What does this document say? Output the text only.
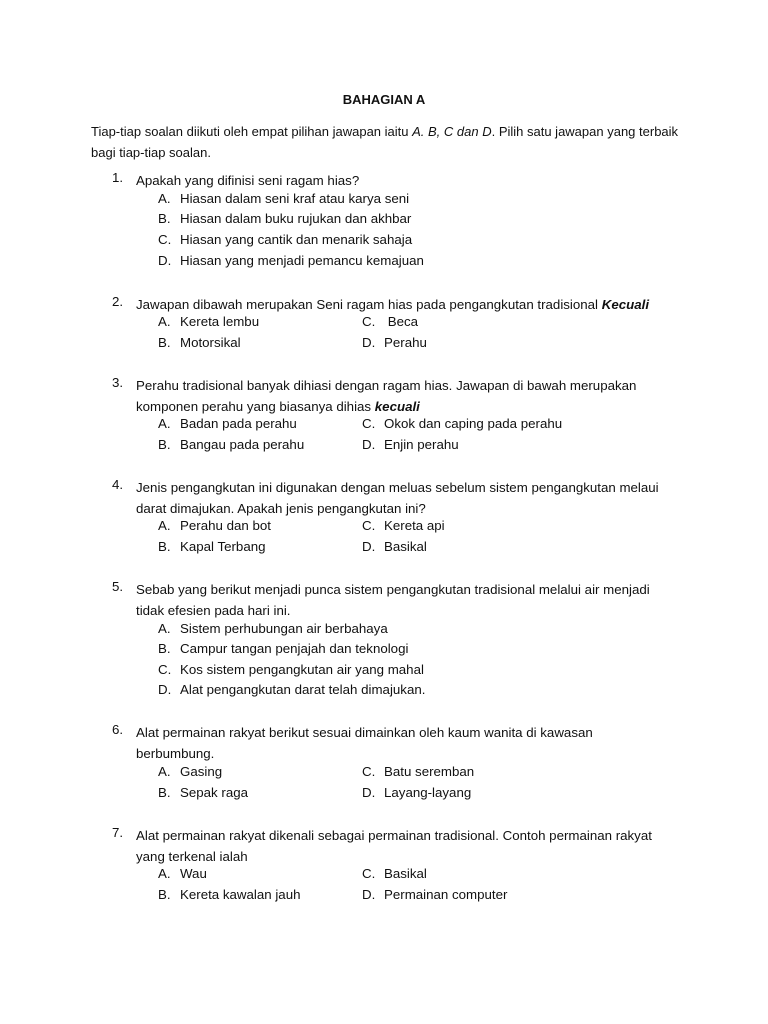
BAHAGIAN A
Tiap-tiap soalan diikuti oleh empat pilihan jawapan iaitu A. B, C dan D. Pilih satu jawapan yang terbaik bagi tiap-tiap soalan.
1. Apakah yang difinisi seni ragam hias?
A. Hiasan dalam seni kraf atau karya seni
B. Hiasan dalam buku rujukan dan akhbar
C. Hiasan yang cantik dan menarik sahaja
D. Hiasan yang menjadi pemancu kemajuan
2. Jawapan dibawah merupakan Seni ragam hias pada pengangkutan tradisional Kecuali
A. Kereta lembu	C. Beca
B. Motorsikal	D. Perahu
3. Perahu tradisional banyak dihiasi dengan ragam hias. Jawapan di bawah merupakan
komponen perahu yang biasanya dihias kecuali
A. Badan pada perahu	C. Okok dan caping pada perahu
B. Bangau pada perahu	D. Enjin perahu
4. Jenis pengangkutan ini digunakan dengan meluas sebelum sistem pengangkutan melaui
darat dimajukan. Apakah jenis pengangkutan ini?
A. Perahu dan bot	C. Kereta api
B. Kapal Terbang	D. Basikal
5. Sebab yang berikut menjadi punca sistem pengangkutan tradisional melalui air menjadi
tidak efesien pada hari ini.
A. Sistem perhubungan air berbahaya
B. Campur tangan penjajah dan teknologi
C. Kos sistem pengangkutan air yang mahal
D. Alat pengangkutan darat telah dimajukan.
6. Alat permainan rakyat berikut sesuai dimainkan oleh kaum wanita di kawasan
berbumbung.
A. Gasing	C. Batu seremban
B. Sepak raga	D. Layang-layang
7. Alat permainan rakyat dikenali sebagai permainan tradisional. Contoh permainan rakyat
yang terkenal ialah
A. Wau	C. Basikal
B. Kereta kawalan jauh	D. Permainan computer
